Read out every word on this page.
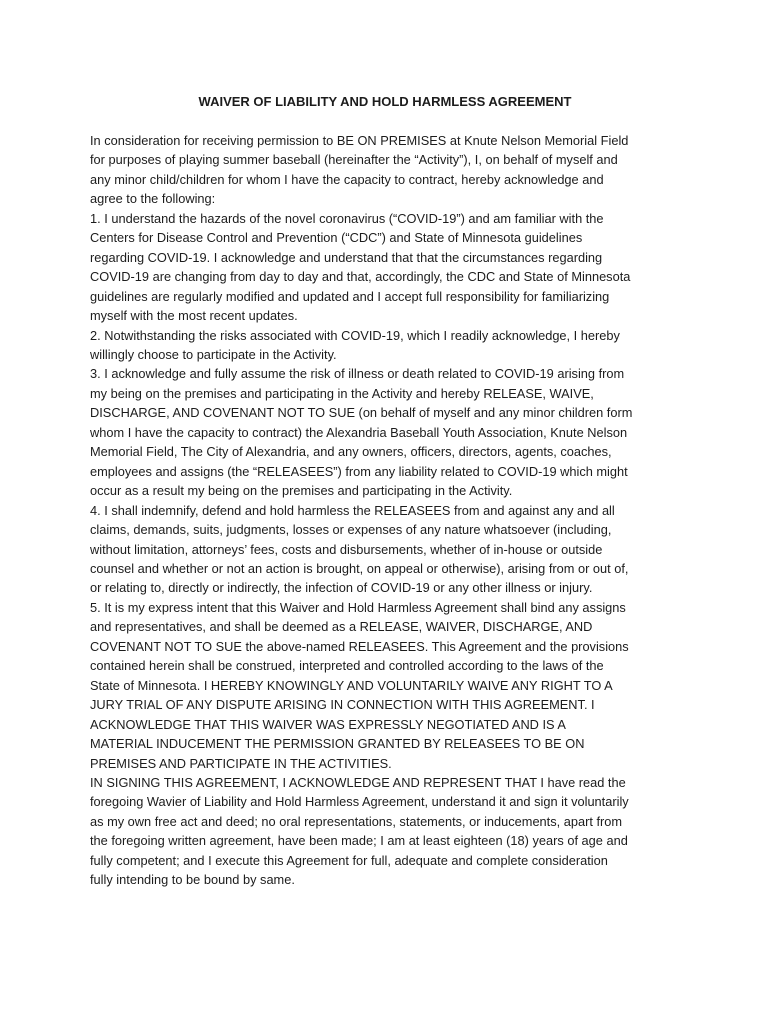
WAIVER OF LIABILITY AND HOLD HARMLESS AGREEMENT
In consideration for receiving permission to BE ON PREMISES at Knute Nelson Memorial Field
for purposes of playing summer baseball (hereinafter the “Activity”), I, on behalf of myself and
any minor child/children for whom I have the capacity to contract, hereby acknowledge and
agree to the following:
1. I understand the hazards of the novel coronavirus (“COVID-19”) and am familiar with the
Centers for Disease Control and Prevention (“CDC”) and State of Minnesota guidelines
regarding COVID-19. I acknowledge and understand that that the circumstances regarding
COVID-19 are changing from day to day and that, accordingly, the CDC and State of Minnesota
guidelines are regularly modified and updated and I accept full responsibility for familiarizing
myself with the most recent updates.
2. Notwithstanding the risks associated with COVID-19, which I readily acknowledge, I hereby
willingly choose to participate in the Activity.
3. I acknowledge and fully assume the risk of illness or death related to COVID-19 arising from
my being on the premises and participating in the Activity and hereby RELEASE, WAIVE,
DISCHARGE, AND COVENANT NOT TO SUE (on behalf of myself and any minor children form
whom I have the capacity to contract) the Alexandria Baseball Youth Association, Knute Nelson
Memorial Field, The City of Alexandria, and any owners, officers, directors, agents, coaches,
employees and assigns (the “RELEASEES”) from any liability related to COVID-19 which might
occur as a result my being on the premises and participating in the Activity.
4. I shall indemnify, defend and hold harmless the RELEASEES from and against any and all
claims, demands, suits, judgments, losses or expenses of any nature whatsoever (including,
without limitation, attorneys’ fees, costs and disbursements, whether of in-house or outside
counsel and whether or not an action is brought, on appeal or otherwise), arising from or out of,
or relating to, directly or indirectly, the infection of COVID-19 or any other illness or injury.
5. It is my express intent that this Waiver and Hold Harmless Agreement shall bind any assigns
and representatives, and shall be deemed as a RELEASE, WAIVER, DISCHARGE, AND
COVENANT NOT TO SUE the above-named RELEASEES. This Agreement and the provisions
contained herein shall be construed, interpreted and controlled according to the laws of the
State of Minnesota. I HEREBY KNOWINGLY AND VOLUNTARILY WAIVE ANY RIGHT TO A
JURY TRIAL OF ANY DISPUTE ARISING IN CONNECTION WITH THIS AGREEMENT. I
ACKNOWLEDGE THAT THIS WAIVER WAS EXPRESSLY NEGOTIATED AND IS A
MATERIAL INDUCEMENT THE PERMISSION GRANTED BY RELEASEES TO BE ON
PREMISES AND PARTICIPATE IN THE ACTIVITIES.
IN SIGNING THIS AGREEMENT, I ACKNOWLEDGE AND REPRESENT THAT I have read the
foregoing Wavier of Liability and Hold Harmless Agreement, understand it and sign it voluntarily
as my own free act and deed; no oral representations, statements, or inducements, apart from
the foregoing written agreement, have been made; I am at least eighteen (18) years of age and
fully competent; and I execute this Agreement for full, adequate and complete consideration
fully intending to be bound by same.
